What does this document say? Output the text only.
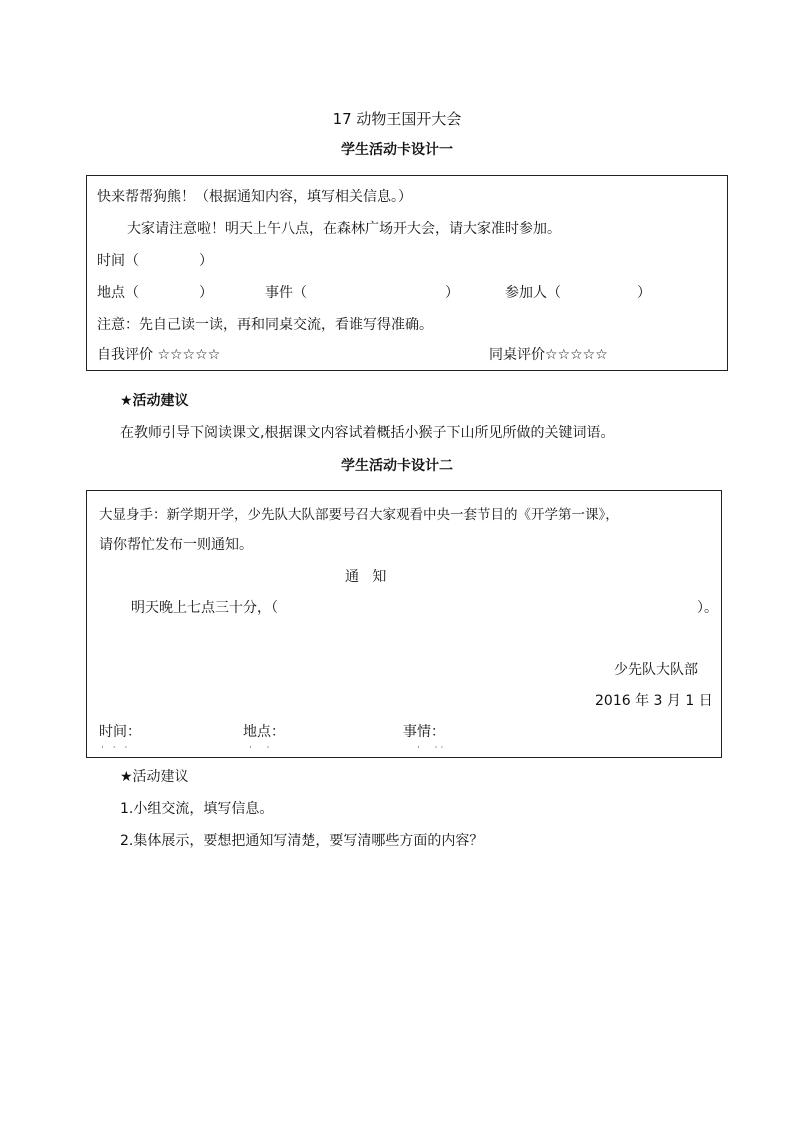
17 动物王国开大会
学生活动卡设计一
快来帮帮狗熊！（根据通知内容，填写相关信息。）
大家请注意啦！明天上午八点，在森林广场开大会，请大家准时参加。
时间（	）
地点（	）	事件（	）	参加人（	）
注意：先自己读一读，再和同桌交流，看谁写得准确。
自我评价 ☆☆☆☆☆	同桌评价☆☆☆☆☆
★活动建议
在教师引导下阅读课文,根据课文内容试着概括小猴子下山所见所做的关键词语。
学生活动卡设计二
大显身手：新学期开学，少先队大队部要号召大家观看中央一套节目的《开学第一课》，
请你帮忙发布一则通知。
通   知
明天晚上七点三十分，（	）。
少先队大队部
2016 年 3 月 1 日
时间：	地点：	事情：
· · ·	·  ·	·  ··
★活动建议
1.小组交流，填写信息。
2.集体展示，要想把通知写清楚，要写清哪些方面的内容？
